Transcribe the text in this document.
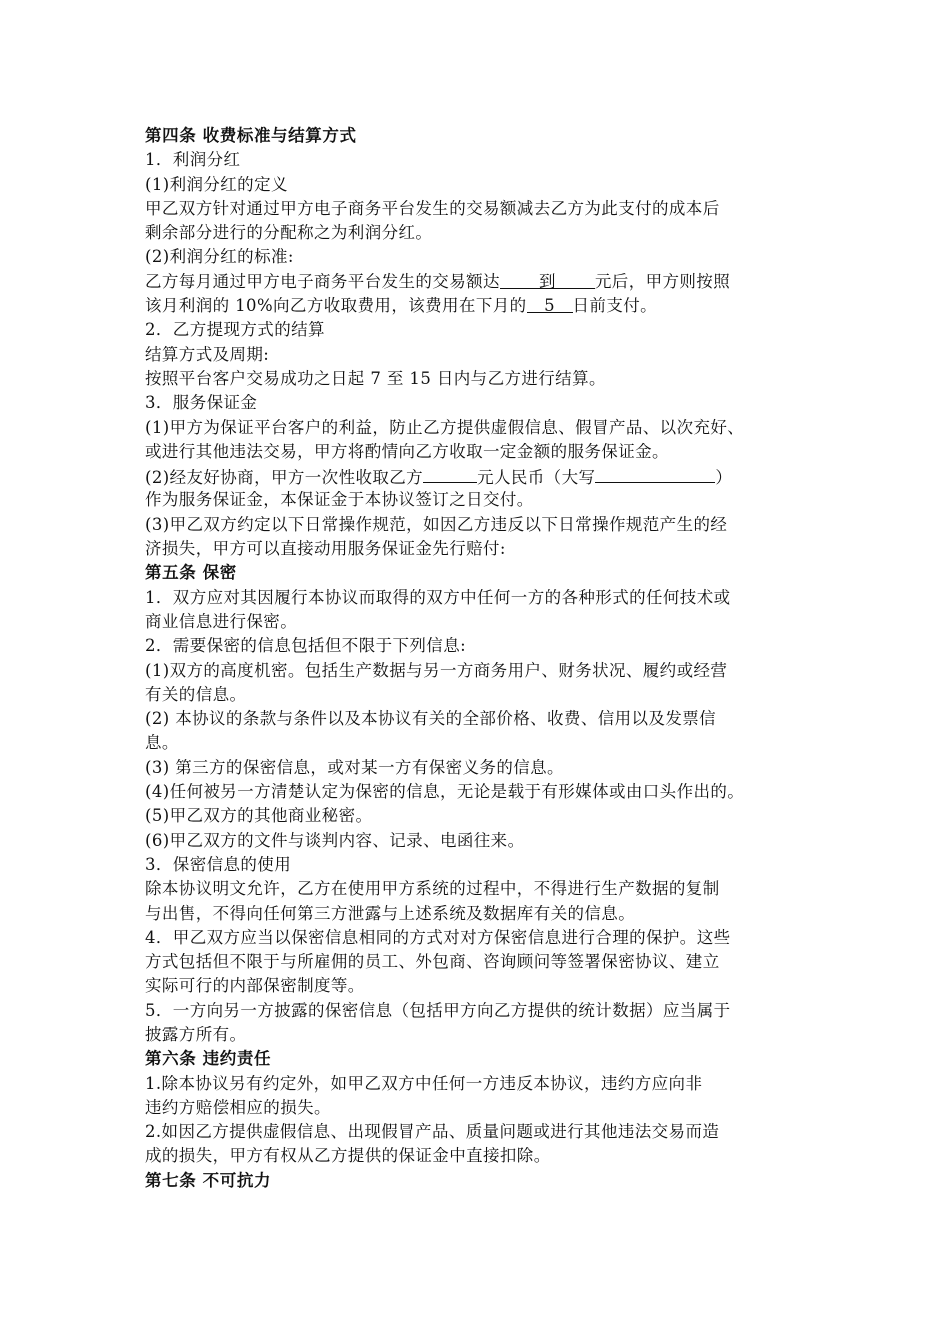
第四条 收费标准与结算方式
1．利润分红
(1)利润分红的定义
甲乙双方针对通过甲方电子商务平台发生的交易额减去乙方为此支付的成本后
剩余部分进行的分配称之为利润分红。
(2)利润分红的标准:
乙方每月通过甲方电子商务平台发生的交易额达 到 元后，甲方则按照
该月利润的 10%向乙方收取费用，该费用在下月的 5 日前支付。
2．乙方提现方式的结算
结算方式及周期:
按照平台客户交易成功之日起 7 至 15 日内与乙方进行结算。
3．服务保证金
(1)甲方为保证平台客户的利益，防止乙方提供虚假信息、假冒产品、以次充好、
或进行其他违法交易，甲方将酌情向乙方收取一定金额的服务保证金。
(2)经友好协商，甲方一次性收取乙方	元人民币（大写	）
作为服务保证金，本保证金于本协议签订之日交付。
(3)甲乙双方约定以下日常操作规范，如因乙方违反以下日常操作规范产生的经
济损失，甲方可以直接动用服务保证金先行赔付:
第五条 保密
1．双方应对其因履行本协议而取得的双方中任何一方的各种形式的任何技术或
商业信息进行保密。
2．需要保密的信息包括但不限于下列信息:
(1)双方的高度机密。包括生产数据与另一方商务用户、财务状况、履约或经营
有关的信息。
(2) 本协议的条款与条件以及本协议有关的全部价格、收费、信用以及发票信
息。
(3) 第三方的保密信息，或对某一方有保密义务的信息。
(4)任何被另一方清楚认定为保密的信息，无论是载于有形媒体或由口头作出的。
(5)甲乙双方的其他商业秘密。
(6)甲乙双方的文件与谈判内容、记录、电函往来。
3．保密信息的使用
除本协议明文允许，乙方在使用甲方系统的过程中，不得进行生产数据的复制
与出售，不得向任何第三方泄露与上述系统及数据库有关的信息。
4．甲乙双方应当以保密信息相同的方式对对方保密信息进行合理的保护。这些
方式包括但不限于与所雇佣的员工、外包商、咨询顾问等签署保密协议、建立
实际可行的内部保密制度等。
5．一方向另一方披露的保密信息（包括甲方向乙方提供的统计数据）应当属于
披露方所有。
第六条 违约责任
1.除本协议另有约定外，如甲乙双方中任何一方违反本协议，违约方应向非
违约方赔偿相应的损失。
2.如因乙方提供虚假信息、出现假冒产品、质量问题或进行其他违法交易而造
成的损失，甲方有权从乙方提供的保证金中直接扣除。
第七条 不可抗力
